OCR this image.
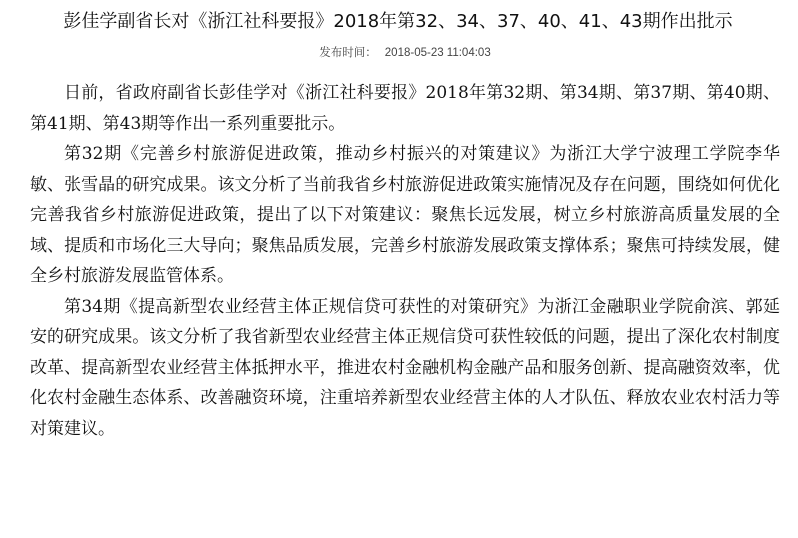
彭佳学副省长对《浙江社科要报》2018年第32、34、37、40、41、43期作出批示
发布时间： 2018-05-23 11:04:03

日前，省政府副省长彭佳学对《浙江社科要报》2018年第32期、第34期、第37期、第40期、第41期、第43期等作出一系列重要批示。

第32期《完善乡村旅游促进政策，推动乡村振兴的对策建议》为浙江大学宁波理工学院李华敏、张雪晶的研究成果。该文分析了当前我省乡村旅游促进政策实施情况及存在问题，围绕如何优化完善我省乡村旅游促进政策，提出了以下对策建议：聚焦长远发展，树立乡村旅游高质量发展的全域、提质和市场化三大导向；聚焦品质发展，完善乡村旅游发展政策支撑体系；聚焦可持续发展，健全乡村旅游发展监管体系。

第34期《提高新型农业经营主体正规信贷可获性的对策研究》为浙江金融职业学院俞滨、郭延安的研究成果。该文分析了我省新型农业经营主体正规信贷可获性较低的问题，提出了深化农村制度改革、提高新型农业经营主体抵押水平，推进农村金融机构金融产品和服务创新、提高融资效率，优化农村金融生态体系、改善融资环境，注重培养新型农业经营主体的人才队伍、释放农业农村活力等对策建议。
